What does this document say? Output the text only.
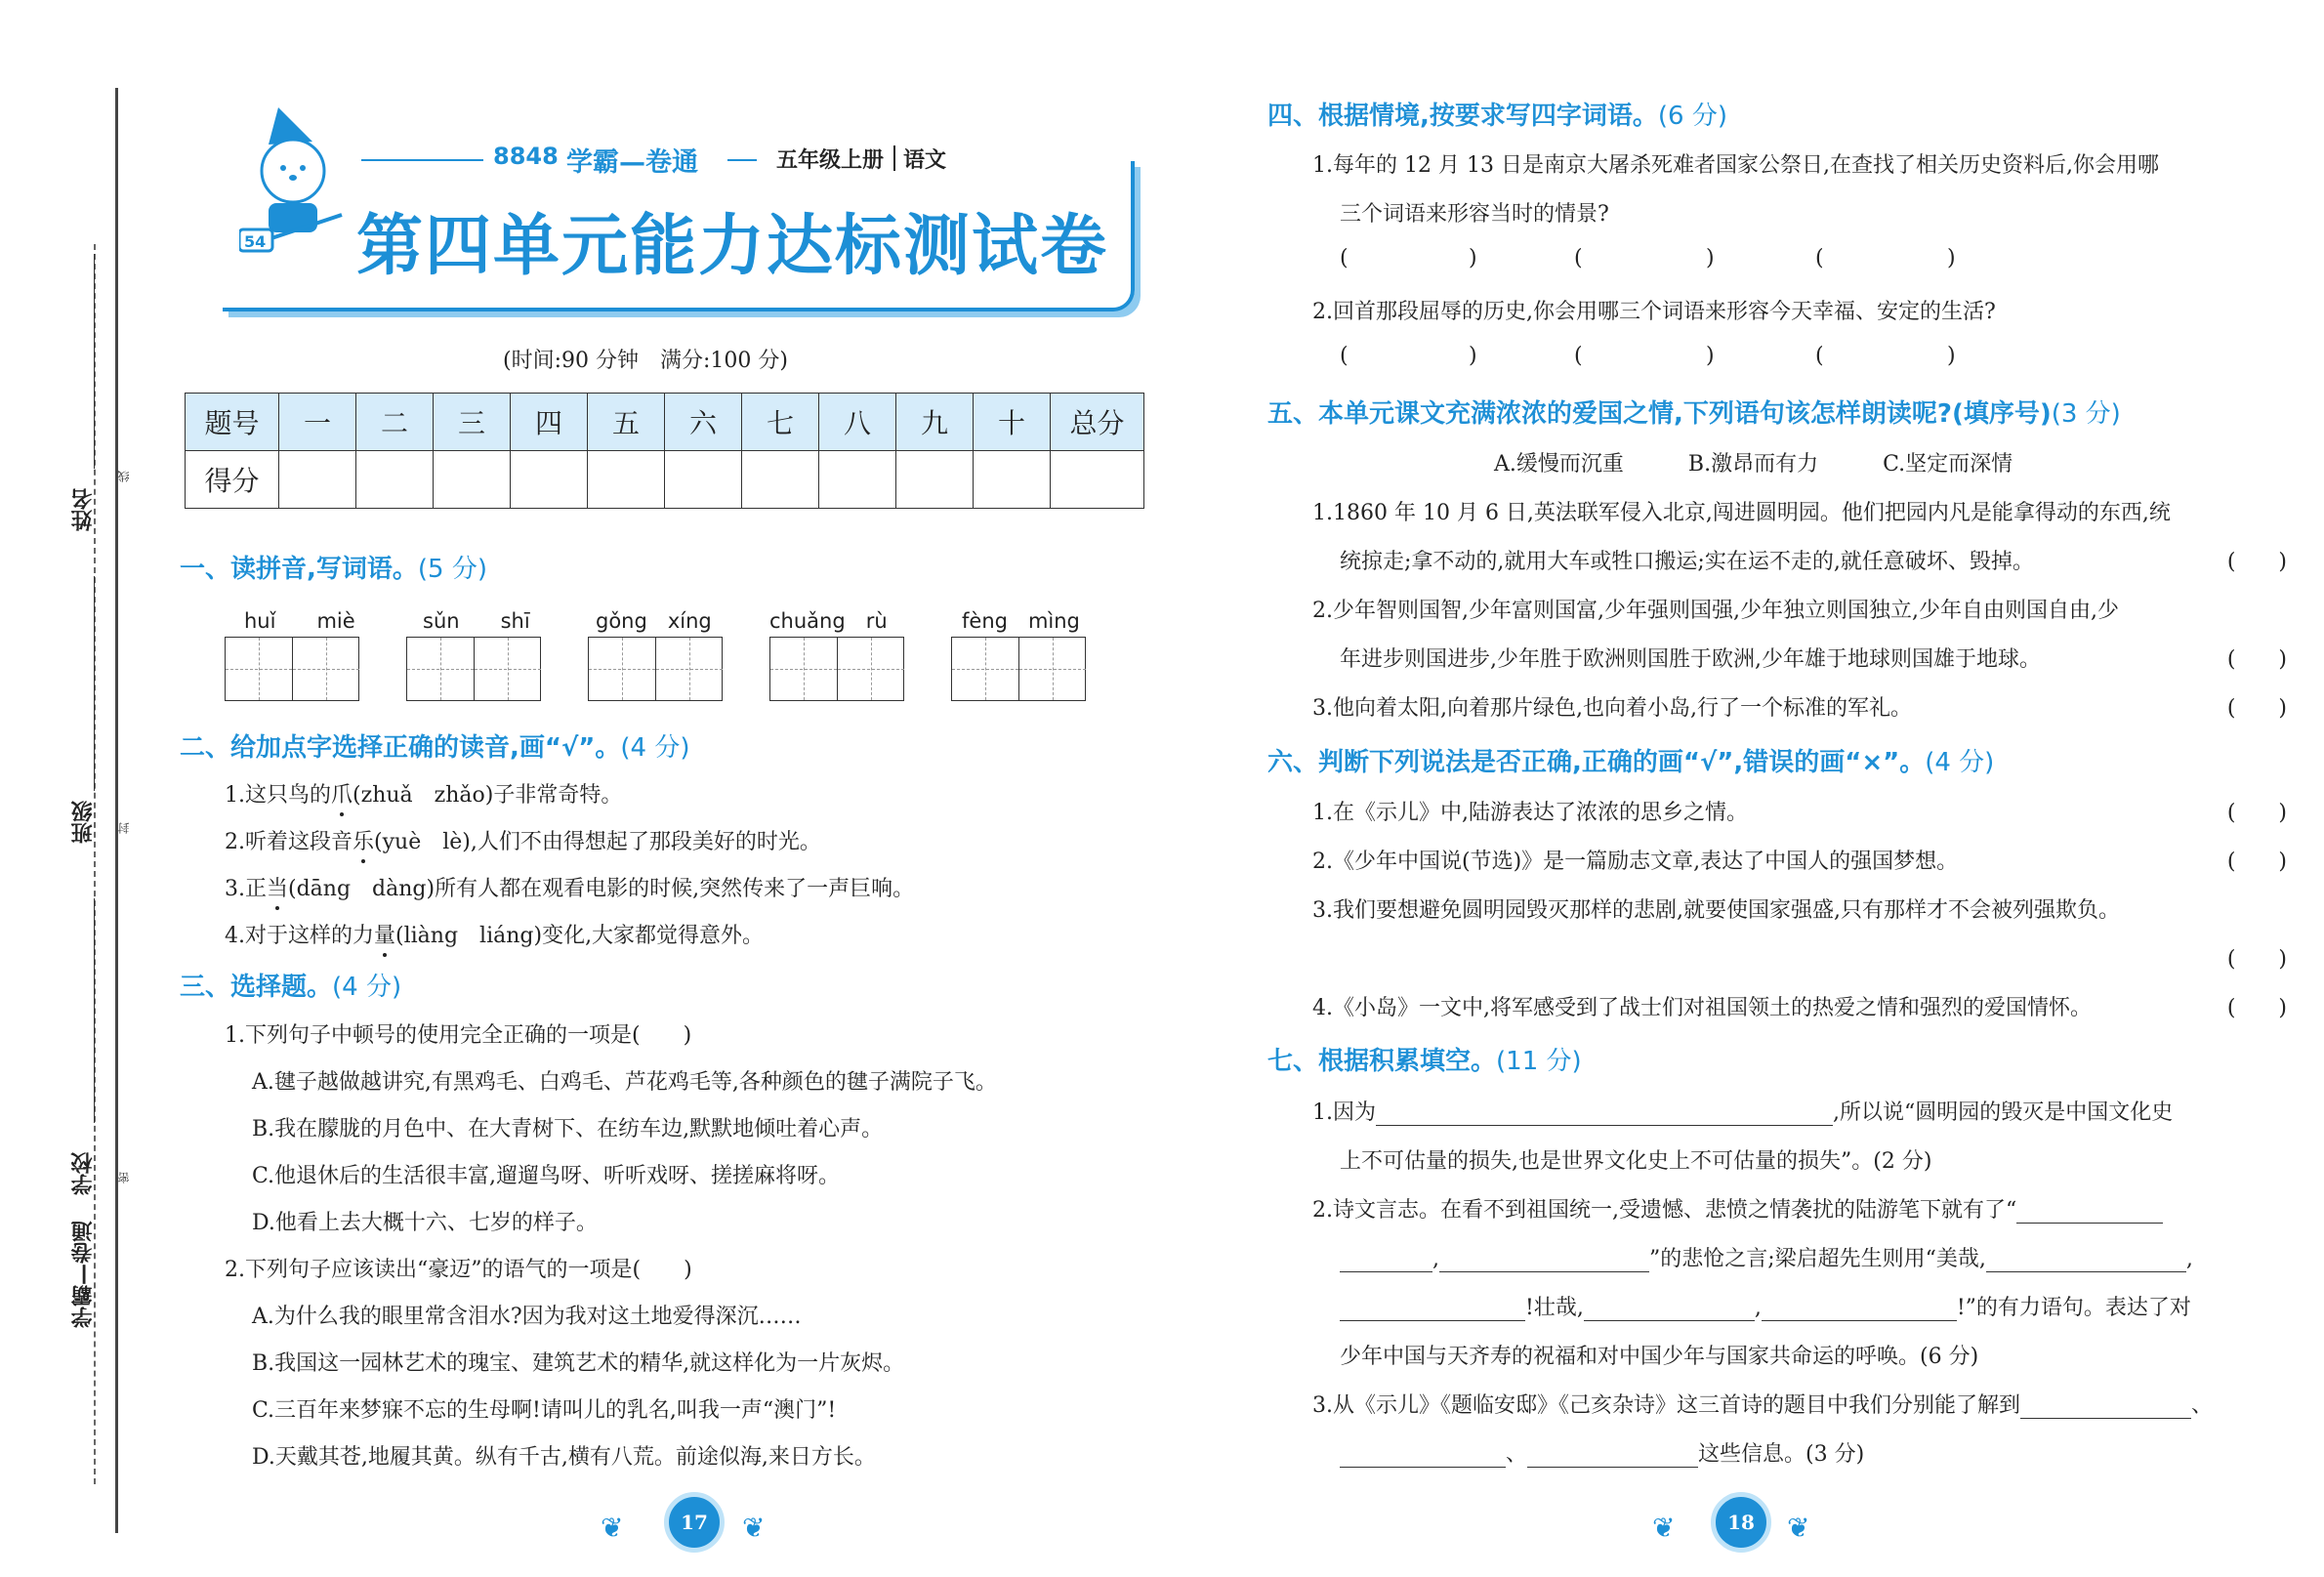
姓名
班级
学校
学霸—卷通
线
封
密
54
8848 学霸—卷通	五年级上册 语文
第四单元能力达标测试卷
(时间:90 分钟　满分:100 分)
题号	一	二	三	四	五	六	七	八	九	十	总分
得分											
一、读拼音,写词语。(5 分)
huǐ　　 miè	sǔn　　 shī	gǒng　 xíng	chuǎng　 rù	fèng　 mìng
二、给加点字选择正确的读音,画“√”。(4 分)
1.这只鸟的爪(zhuǎ　zhǎo)子非常奇特。
2.听着这段音乐(yuè　lè),人们不由得想起了那段美好的时光。
3.正当(dāng　dàng)所有人都在观看电影的时候,突然传来了一声巨响。
4.对于这样的力量(liàng　liáng)变化,大家都觉得意外。
三、选择题。(4 分)
1.下列句子中顿号的使用完全正确的一项是(　　)
A.毽子越做越讲究,有黑鸡毛、白鸡毛、芦花鸡毛等,各种颜色的毽子满院子飞。
B.我在朦胧的月色中、在大青树下、在纺车边,默默地倾吐着心声。
C.他退休后的生活很丰富,遛遛鸟呀、听听戏呀、搓搓麻将呀。
D.他看上去大概十六、七岁的样子。
2.下列句子应该读出“豪迈”的语气的一项是(　　)
A.为什么我的眼里常含泪水?因为我对这土地爱得深沉……
B.我国这一园林艺术的瑰宝、建筑艺术的精华,就这样化为一片灰烬。
C.三百年来梦寐不忘的生母啊!请叫儿的乳名,叫我一声“澳门”!
D.天戴其苍,地履其黄。纵有千古,横有八荒。前途似海,来日方长。
❦	17	❦
四、根据情境,按要求写四字词语。(6 分)
1.每年的 12 月 13 日是南京大屠杀死难者国家公祭日,在查找了相关历史资料后,你会用哪
三个词语来形容当时的情景?
(	)	(	)	(	)
2.回首那段屈辱的历史,你会用哪三个词语来形容今天幸福、安定的生活?
(	)	(	)	(	)
五、本单元课文充满浓浓的爱国之情,下列语句该怎样朗读呢?(填序号)(3 分)
A.缓慢而沉重　　　	B.激昂而有力　　　	C.坚定而深情
1.1860 年 10 月 6 日,英法联军侵入北京,闯进圆明园。他们把园内凡是能拿得动的东西,统
统掠走;拿不动的,就用大车或牲口搬运;实在运不走的,就任意破坏、毁掉。	(　　)
2.少年智则国智,少年富则国富,少年强则国强,少年独立则国独立,少年自由则国自由,少
年进步则国进步,少年胜于欧洲则国胜于欧洲,少年雄于地球则国雄于地球。	(　　)
3.他向着太阳,向着那片绿色,也向着小岛,行了一个标准的军礼。	(　　)
六、判断下列说法是否正确,正确的画“√”,错误的画“×”。(4 分)
1.在《示儿》中,陆游表达了浓浓的思乡之情。	(　　)
2.《少年中国说(节选)》是一篇励志文章,表达了中国人的强国梦想。	(　　)
3.我们要想避免圆明园毁灭那样的悲剧,就要使国家强盛,只有那样才不会被列强欺负。
(　　)
4.《小岛》一文中,将军感受到了战士们对祖国领土的热爱之情和强烈的爱国情怀。	(　　)
七、根据积累填空。(11 分)
1.因为	,所以说“圆明园的毁灭是中国文化史
上不可估量的损失,也是世界文化史上不可估量的损失”。(2 分)
2.诗文言志。在看不到祖国统一,受遗憾、悲愤之情袭扰的陆游笔下就有了“
,	”的悲怆之言;梁启超先生则用“美哉,	,
!壮哉,	,	!”的有力语句。表达了对
少年中国与天齐寿的祝福和对中国少年与国家共命运的呼唤。(6 分)
3.从《示儿》《题临安邸》《己亥杂诗》这三首诗的题目中我们分别能了解到	、
、	这些信息。(3 分)
❦	18	❦
